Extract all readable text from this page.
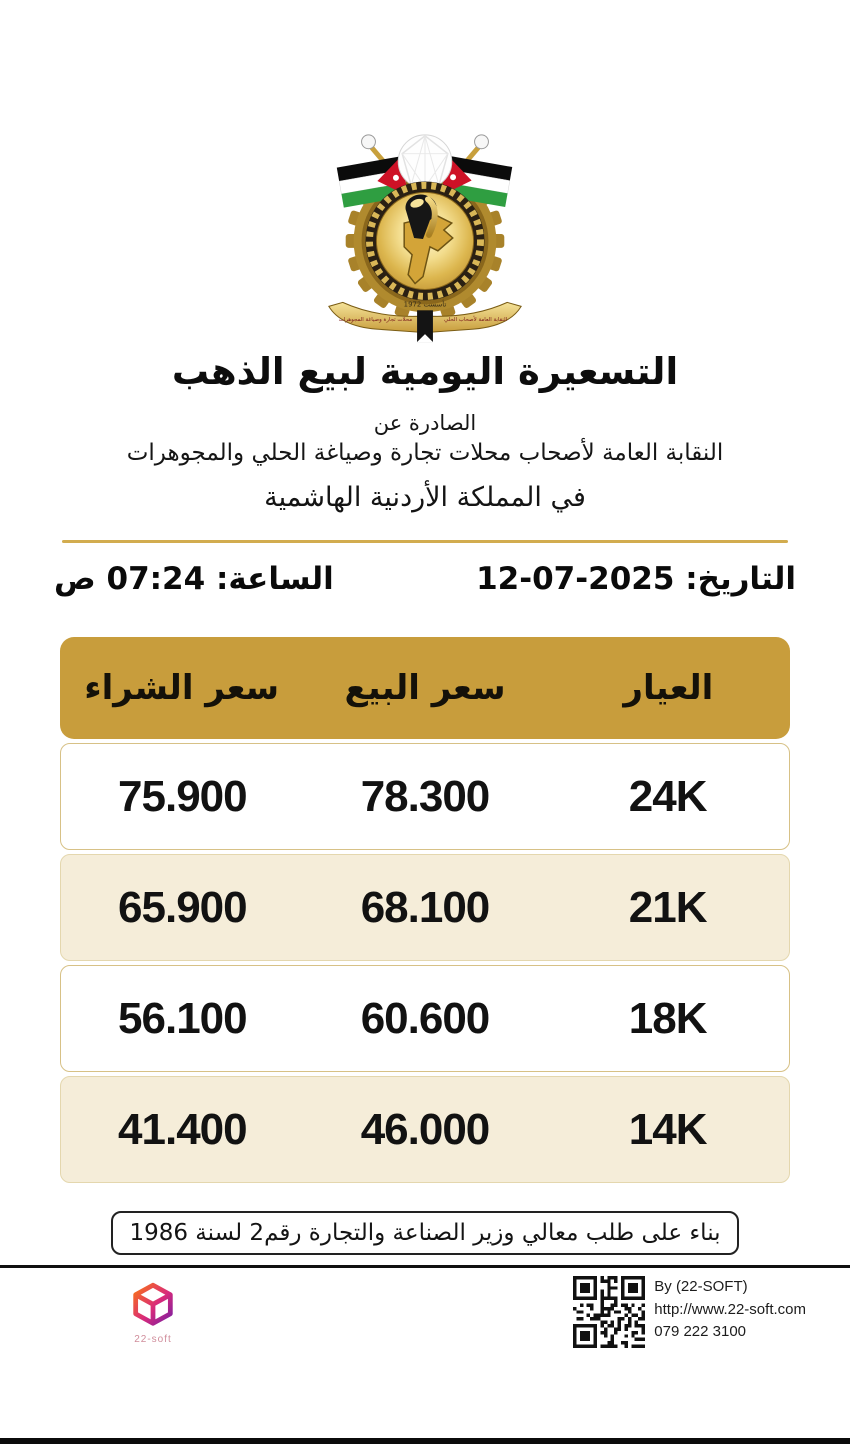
تأسست 1972
محلات تجارة وصياغة المجوهرات	النقابة العامة لأصحاب الحلي
التسعيرة اليومية لبيع الذهب
الصادرة عن
النقابة العامة لأصحاب محلات تجارة وصياغة الحلي والمجوهرات
في المملكة الأردنية الهاشمية
التاريخ: 12-07-2025
الساعة: 07:24 ص
العيار
سعر البيع
سعر الشراء
24K
78.300
75.900
21K
68.100
65.900
18K
60.600
56.100
14K
46.000
41.400
بناء على طلب معالي وزير الصناعة والتجارة رقم2 لسنة 1986
22-soft
By (22-SOFT)
http://www.22-soft.com
079 222 3100
